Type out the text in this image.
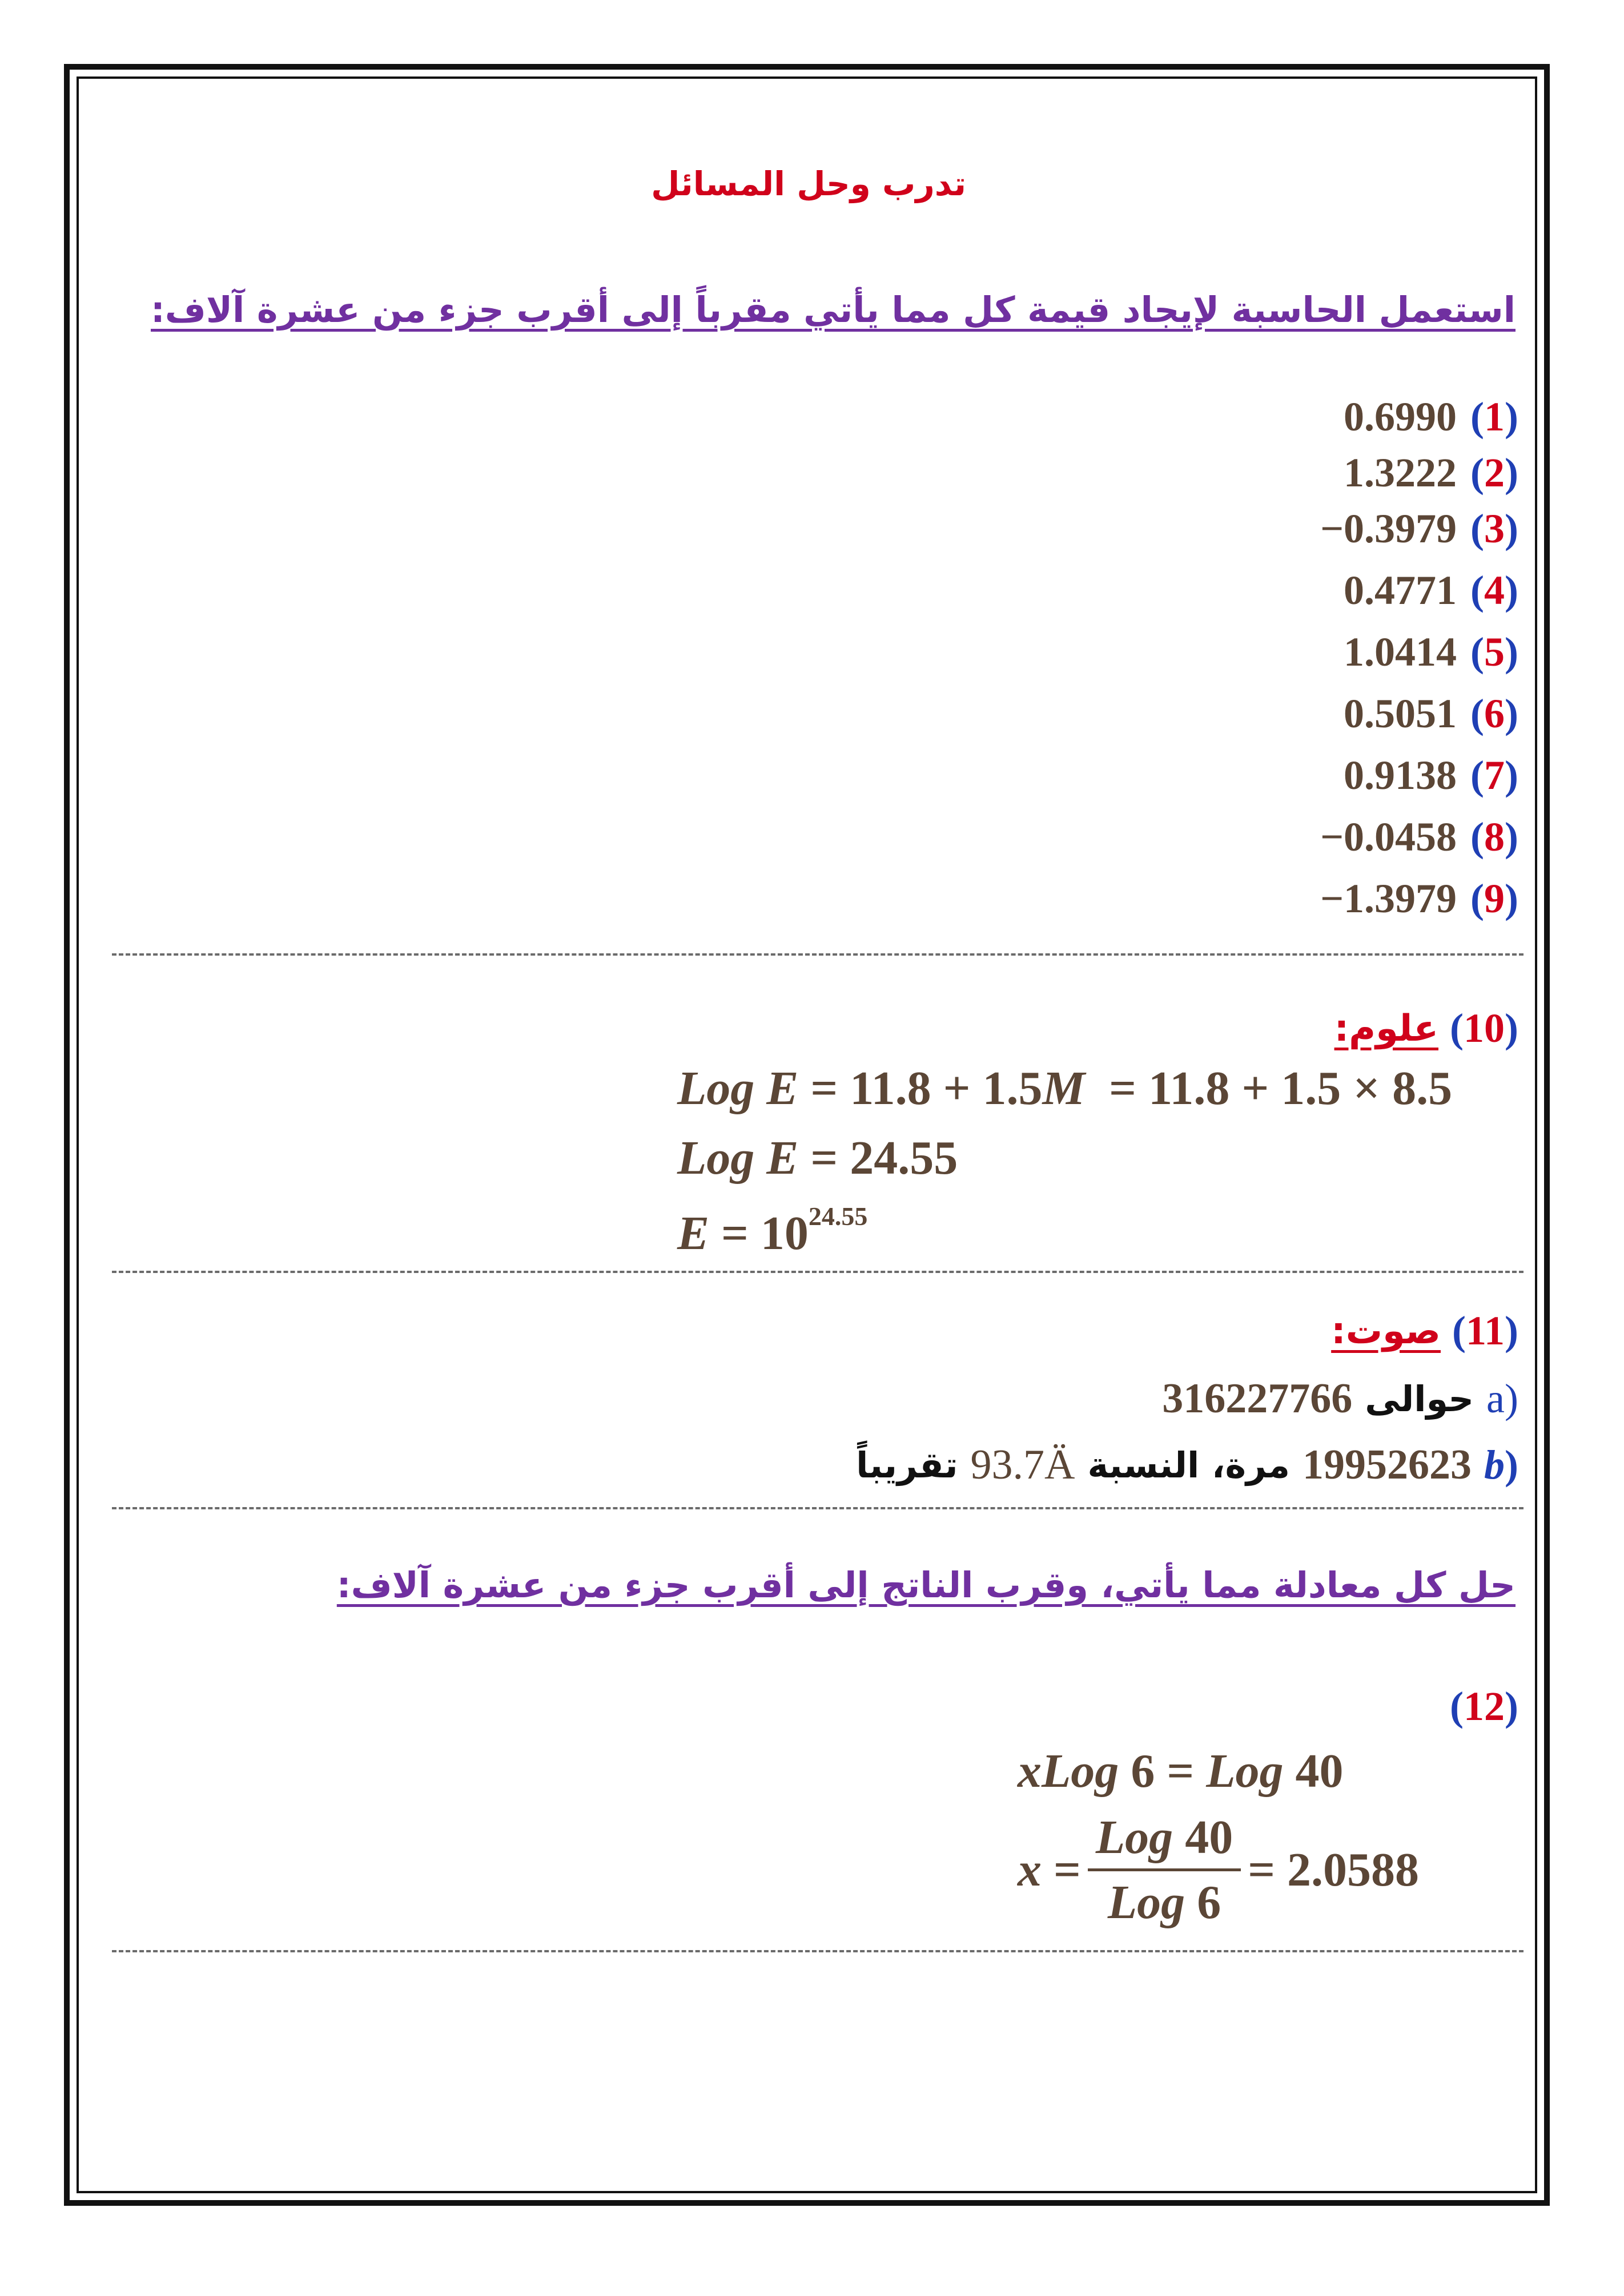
تدرب وحل المسائل
استعمل الحاسبة لإيجاد قيمة كل مما يأتي مقرباً إلى أقرب جزء من عشرة آلاف:
0.6990 (1)
1.3222 (2)
−0.3979 (3)
0.4771 (4)
1.0414 (5)
0.5051 (6)
0.9138 (7)
−0.0458 (8)
−1.3979 (9)
علوم: (10)
Log E = 11.8 + 1.5M = 11.8 + 1.5 × 8.5
Log E = 24.55
$E = 10^{24.55}$
صوت: (11)
316227766 حوالى a)
تقريباً 93.7Ä مرة، النسبة 19952623 b)
حل كل معادلة مما يأتي، وقرب الناتج إلى أقرب جزء من عشرة آلاف:
(12)
xLog 6 = Log 40
x
= $\frac{\text{Log 40}}{\text{Log 6}} = 2.0588$
